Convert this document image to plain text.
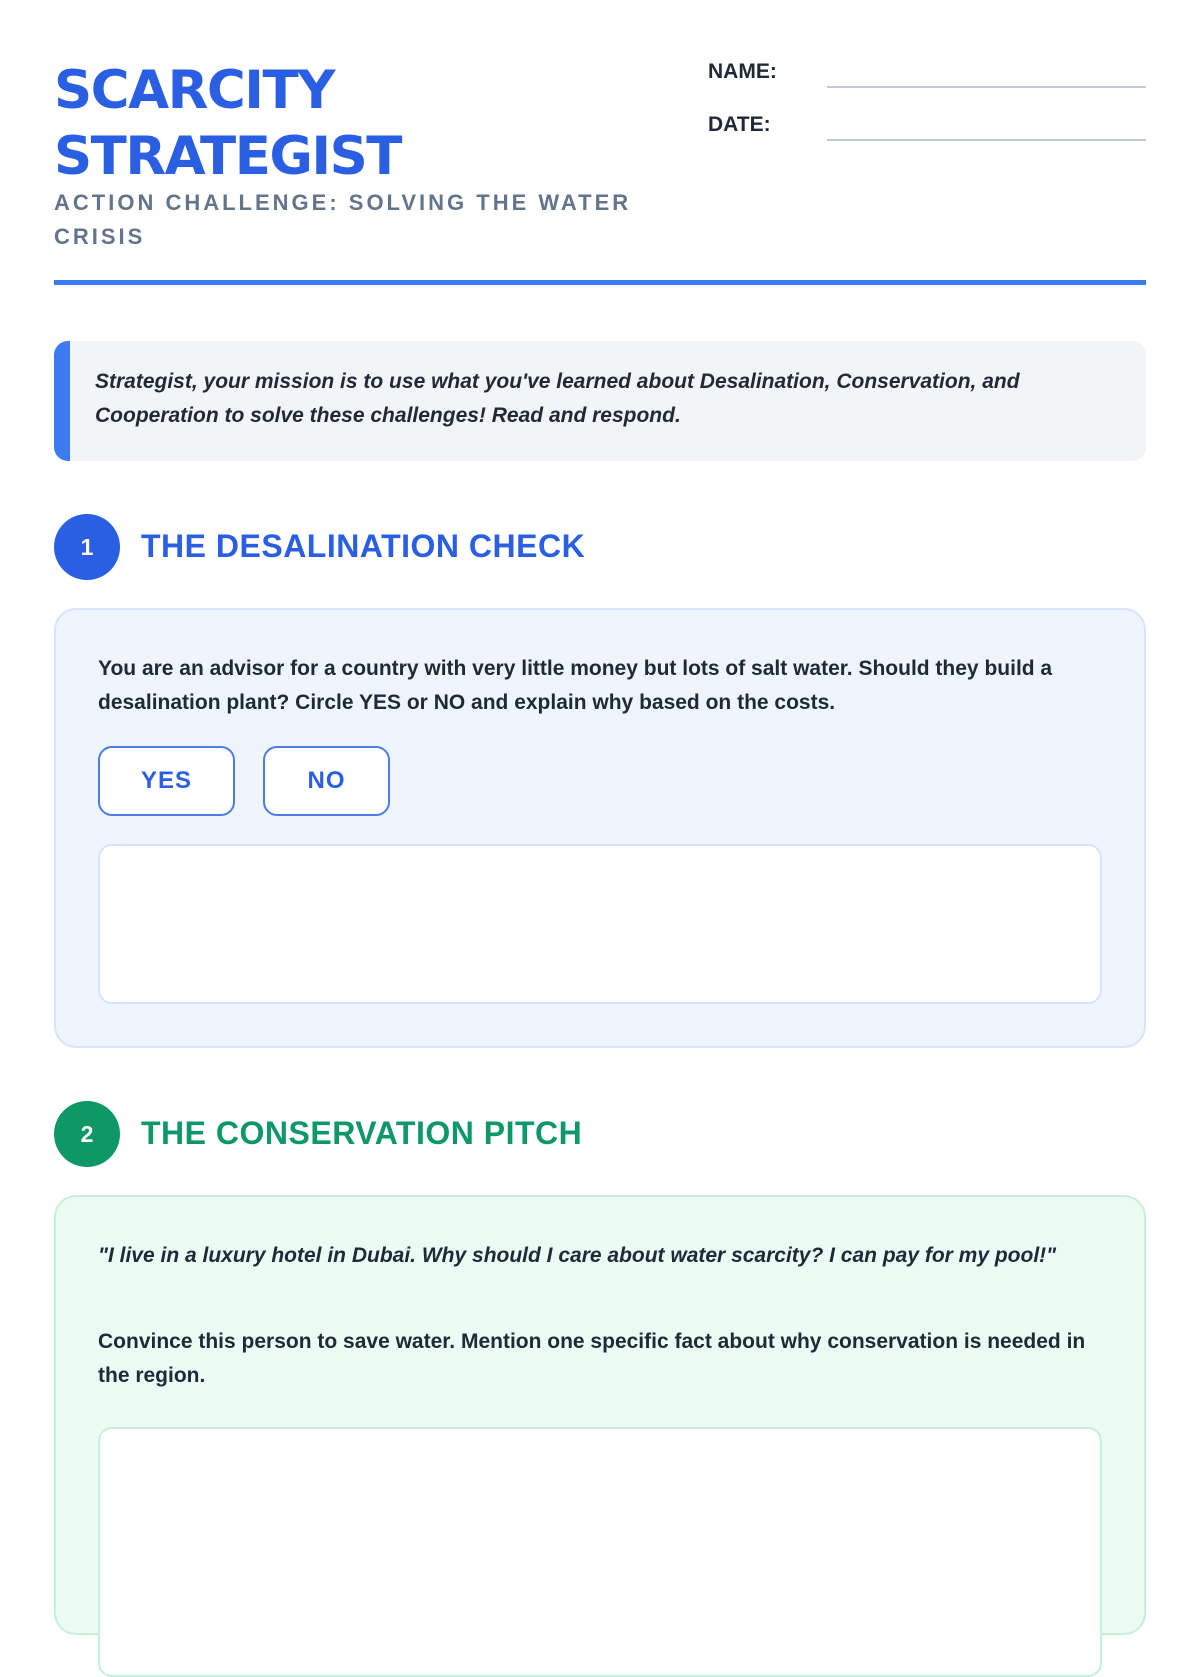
SCARCITY
STRATEGIST

ACTION CHALLENGE: SOLVING THE WATER CRISIS

NAME:
DATE:

Strategist, your mission is to use what you've learned about Desalination, Conservation, and Cooperation to solve these challenges! Read and respond.

1	THE DESALINATION CHECK

You are an advisor for a country with very little money but lots of salt water. Should they build a desalination plant? Circle YES or NO and explain why based on the costs.

YES	NO
2	THE CONSERVATION PITCH

"I live in a luxury hotel in Dubai. Why should I care about water scarcity? I can pay for my pool!"

Convince this person to save water. Mention one specific fact about why conservation is needed in the region.
